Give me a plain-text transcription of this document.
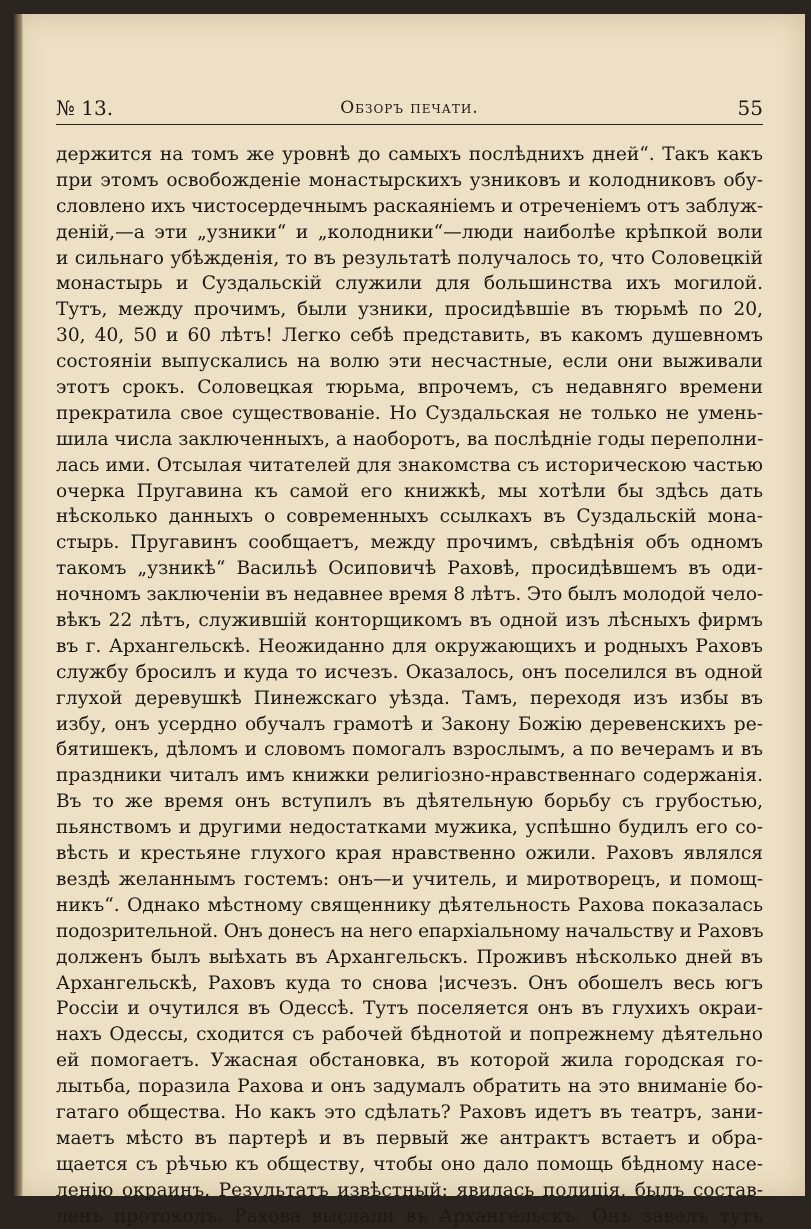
№ 13.	Обзоръ печати.	55
держится на томъ же уровнѣ до самыхъ послѣднихъ дней“. Такъ какъ
при этомъ освобожденіе монастырскихъ узниковъ и колодниковъ обу-
словлено ихъ чистосердечнымъ раскаяніемъ и отреченіемъ отъ заблуж-
деній,—а эти „узники“ и „колодники“—люди наиболѣе крѣпкой воли
и сильнаго убѣжденія, то въ результатѣ получалось то, что Соловецкій
монастырь и Суздальскій служили для большинства ихъ могилой.
Тутъ, между прочимъ, были узники, просидѣвшіе въ тюрьмѣ по 20,
30, 40, 50 и 60 лѣтъ! Легко себѣ представить, въ какомъ душевномъ
состояніи выпускались на волю эти несчастные, если они выживали
этотъ срокъ. Соловецкая тюрьма, впрочемъ, съ недавняго времени
прекратила свое существованіе. Но Суздальская не только не умень-
шила числа заключенныхъ, а наоборотъ, ва послѣдніе годы переполни-
лась ими. Отсылая читателей для знакомства съ историческою частью
очерка Пругавина къ самой его книжкѣ, мы хотѣли бы здѣсь дать
нѣсколько данныхъ о современныхъ ссылкахъ въ Суздальскій мона-
стырь. Пругавинъ сообщаетъ, между прочимъ, свѣдѣнія объ одномъ
такомъ „узникѣ“ Васильѣ Осиповичѣ Раховѣ, просидѣвшемъ въ оди-
ночномъ заключеніи въ недавнее время 8 лѣтъ. Это былъ молодой чело-
вѣкъ 22 лѣтъ, служившій конторщикомъ въ одной изъ лѣсныхъ фирмъ
въ г. Архангельскѣ. Неожиданно для окружающихъ и родныхъ Раховъ
службу бросилъ и куда то исчезъ. Оказалось, онъ поселился въ одной
глухой деревушкѣ Пинежскаго уѣзда. Тамъ, переходя изъ избы въ
избу, онъ усердно обучалъ грамотѣ и Закону Божію деревенскихъ ре-
бятишекъ, дѣломъ и словомъ помогалъ взрослымъ, а по вечерамъ и въ
праздники читалъ имъ книжки религіозно-нравственнаго содержанія.
Въ то же время онъ вступилъ въ дѣятельную борьбу съ грубостью,
пьянствомъ и другими недостатками мужика, успѣшно будилъ его со-
вѣсть и крестьяне глухого края нравственно ожили. Раховъ являлся
вездѣ желаннымъ гостемъ: онъ—и учитель, и миротворецъ, и помощ-
никъ“. Однако мѣстному священнику дѣятельность Рахова показалась
подозрительной. Онъ донесъ на него епархіальному начальству и Раховъ
долженъ былъ выѣхать въ Архангельскъ. Проживъ нѣсколько дней въ
Архангельскѣ, Раховъ куда то снова ¦исчезъ. Онъ обошелъ весь югъ
Россіи и очутился въ Одессѣ. Тутъ поселяется онъ въ глухихъ окраи-
нахъ Одессы, сходится съ рабочей бѣднотой и попрежнему дѣятельно
ей помогаетъ. Ужасная обстановка, въ которой жила городская го-
лытьба, поразила Рахова и онъ задумалъ обратить на это вниманіе бо-
гатаго общества. Но какъ это сдѣлать? Раховъ идетъ въ театръ, зани-
маетъ мѣсто въ партерѣ и въ первый же антрактъ встаетъ и обра-
щается съ рѣчью къ обществу, чтобы оно дало помощь бѣдному насе-
ленію окраинъ. Результатъ извѣстный: явилась полиція, былъ состав-
ленъ протоколъ. Рахова выслали въ Архангельскъ. Онъ завелъ тутъ
